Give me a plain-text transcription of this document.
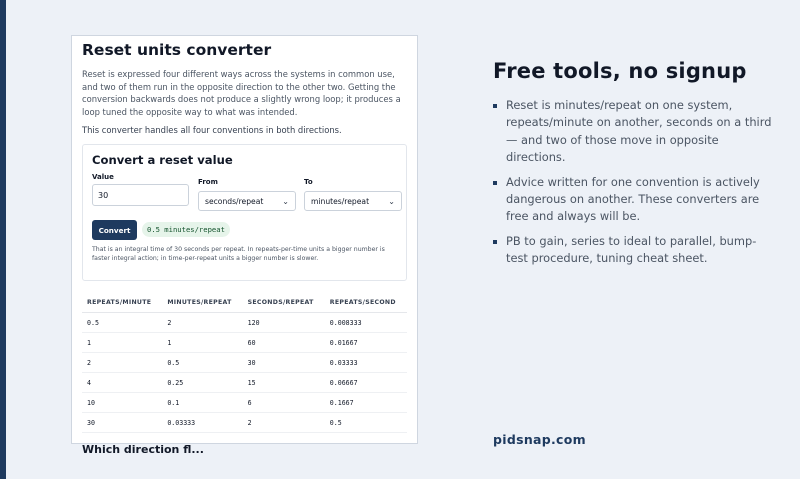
Reset units converter

Reset is expressed four different ways across the systems in common use, and two of them run in the opposite direction to the other two. Getting the conversion backwards does not produce a slightly wrong loop; it produces a loop tuned the opposite way to what was intended.

This converter handles all four conventions in both directions.

Convert a reset value
Value
30
From
seconds/repeat ⌄
To
minutes/repeat ⌄
Convert	0.5 minutes/repeat

That is an integral time of 30 seconds per repeat. In repeats-per-time units a bigger number is faster integral action; in time-per-repeat units a bigger number is slower.

REPEATS/MINUTE	MINUTES/REPEAT	SECONDS/REPEAT	REPEATS/SECOND
0.5	2	120	0.008333
1	1	60	0.01667
2	0.5	30	0.03333
4	0.25	15	0.06667
10	0.1	6	0.1667
30	0.03333	2	0.5
Which direction fl...
Free tools, no signup
Reset is minutes/repeat on one system, repeats/minute on another, seconds on a third — and two of those move in opposite directions.
Advice written for one convention is actively dangerous on another. These converters are free and always will be.
PB to gain, series to ideal to parallel, bump-test procedure, tuning cheat sheet.
pidsnap.com
